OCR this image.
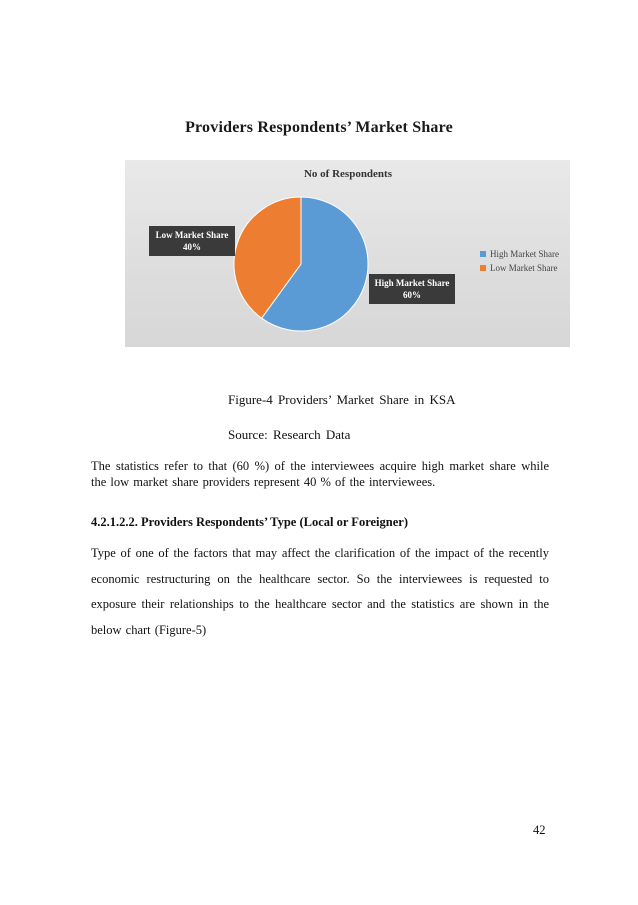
Providers Respondents’ Market Share
No of Respondents
High Market Share
60%
Low Market Share
40%
High Market Share
Low Market Share
Figure-4 Providers’ Market Share in KSA
Source: Research Data

The statistics refer to that (60 %) of the interviewees acquire high market share while the low market share providers represent 40 % of the interviewees.

4.2.1.2.2. Providers Respondents’ Type (Local or Foreigner)

Type of one of the factors that may affect the clarification of the impact of the recently economic restructuring on the healthcare sector. So the interviewees is requested to exposure their relationships to the healthcare sector and the statistics are shown in the below chart (Figure-5)

42
